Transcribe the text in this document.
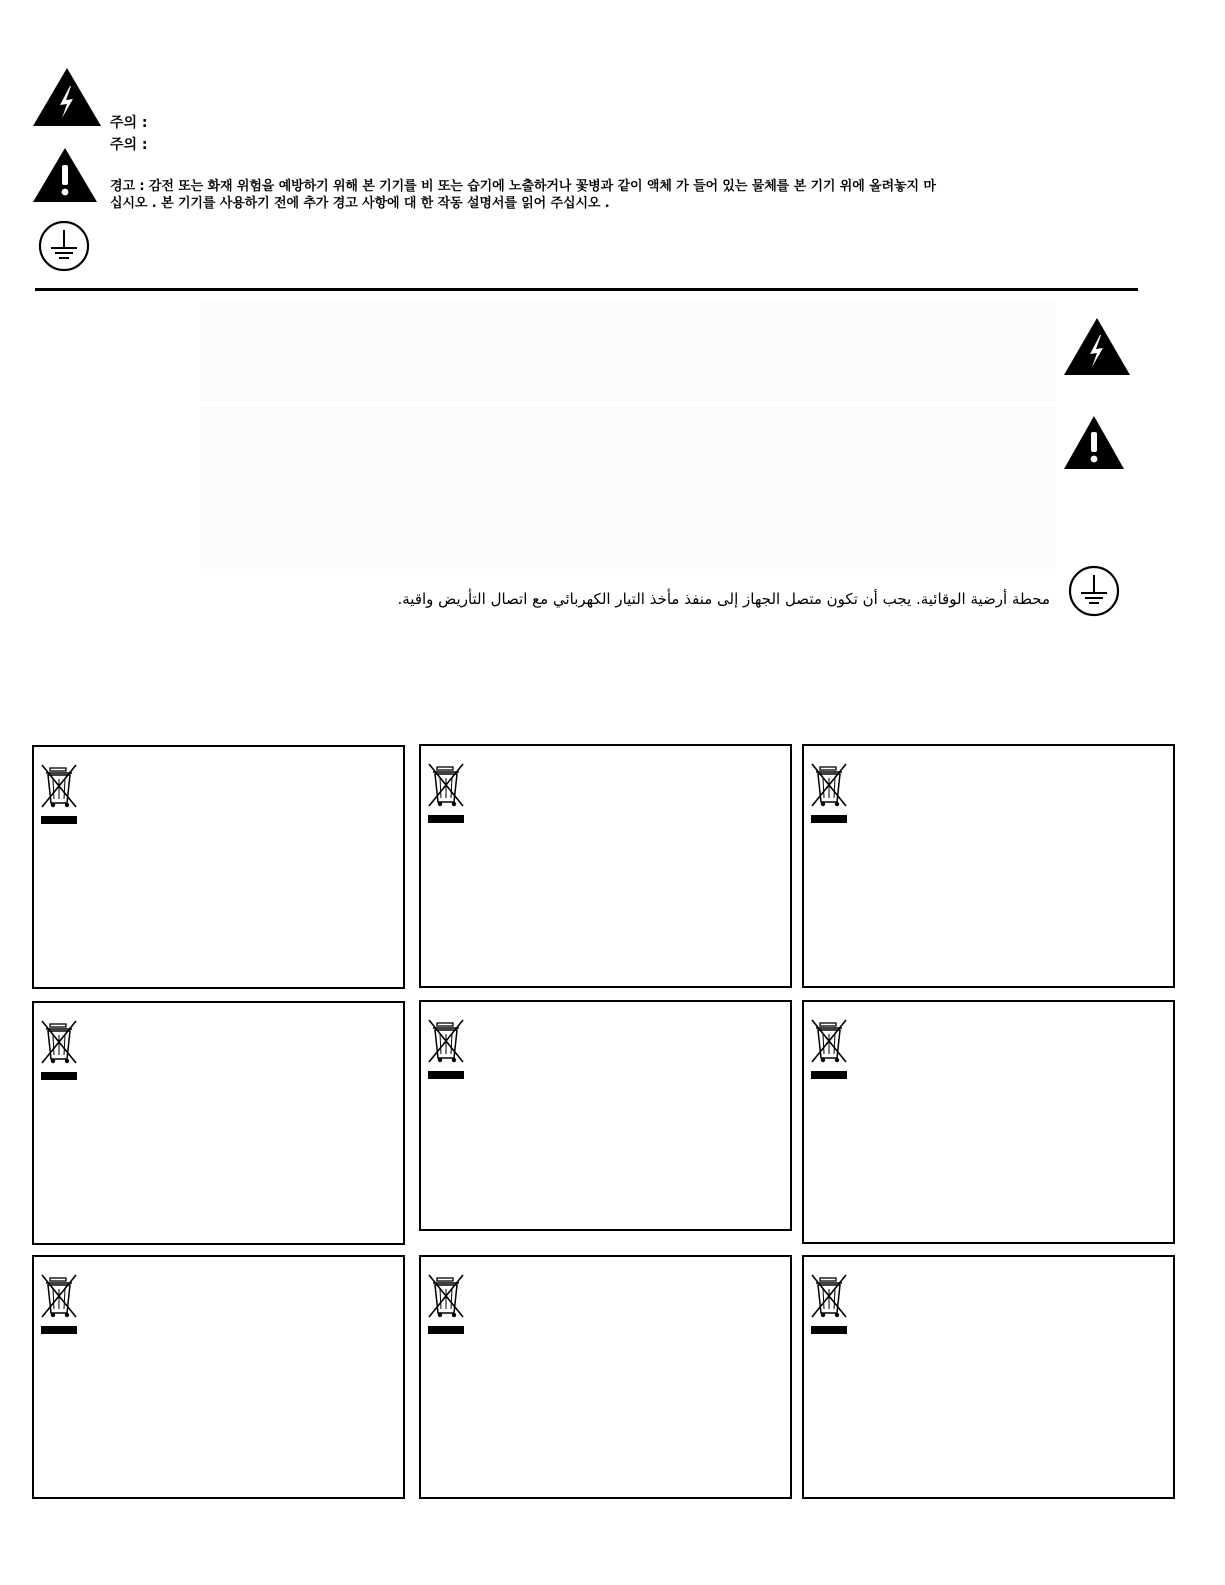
주의 :
주의 :
경고 : 감전 또는 화재 위험을 예방하기 위해 본 기기를 비 또는 습기에 노출하거나 꽃병과 같이 액체 가 들어 있는 물체를 본 기기 위에 올려놓지 마
십시오 . 본 기기를 사용하기 전에 추가 경고 사항에 대 한 작동 설명서를 읽어 주십시오 .
محطة أرضية الوقائية. يجب أن تكون متصل الجهاز إلى منفذ مأخذ التيار الكهربائي مع اتصال التأريض واقية.
